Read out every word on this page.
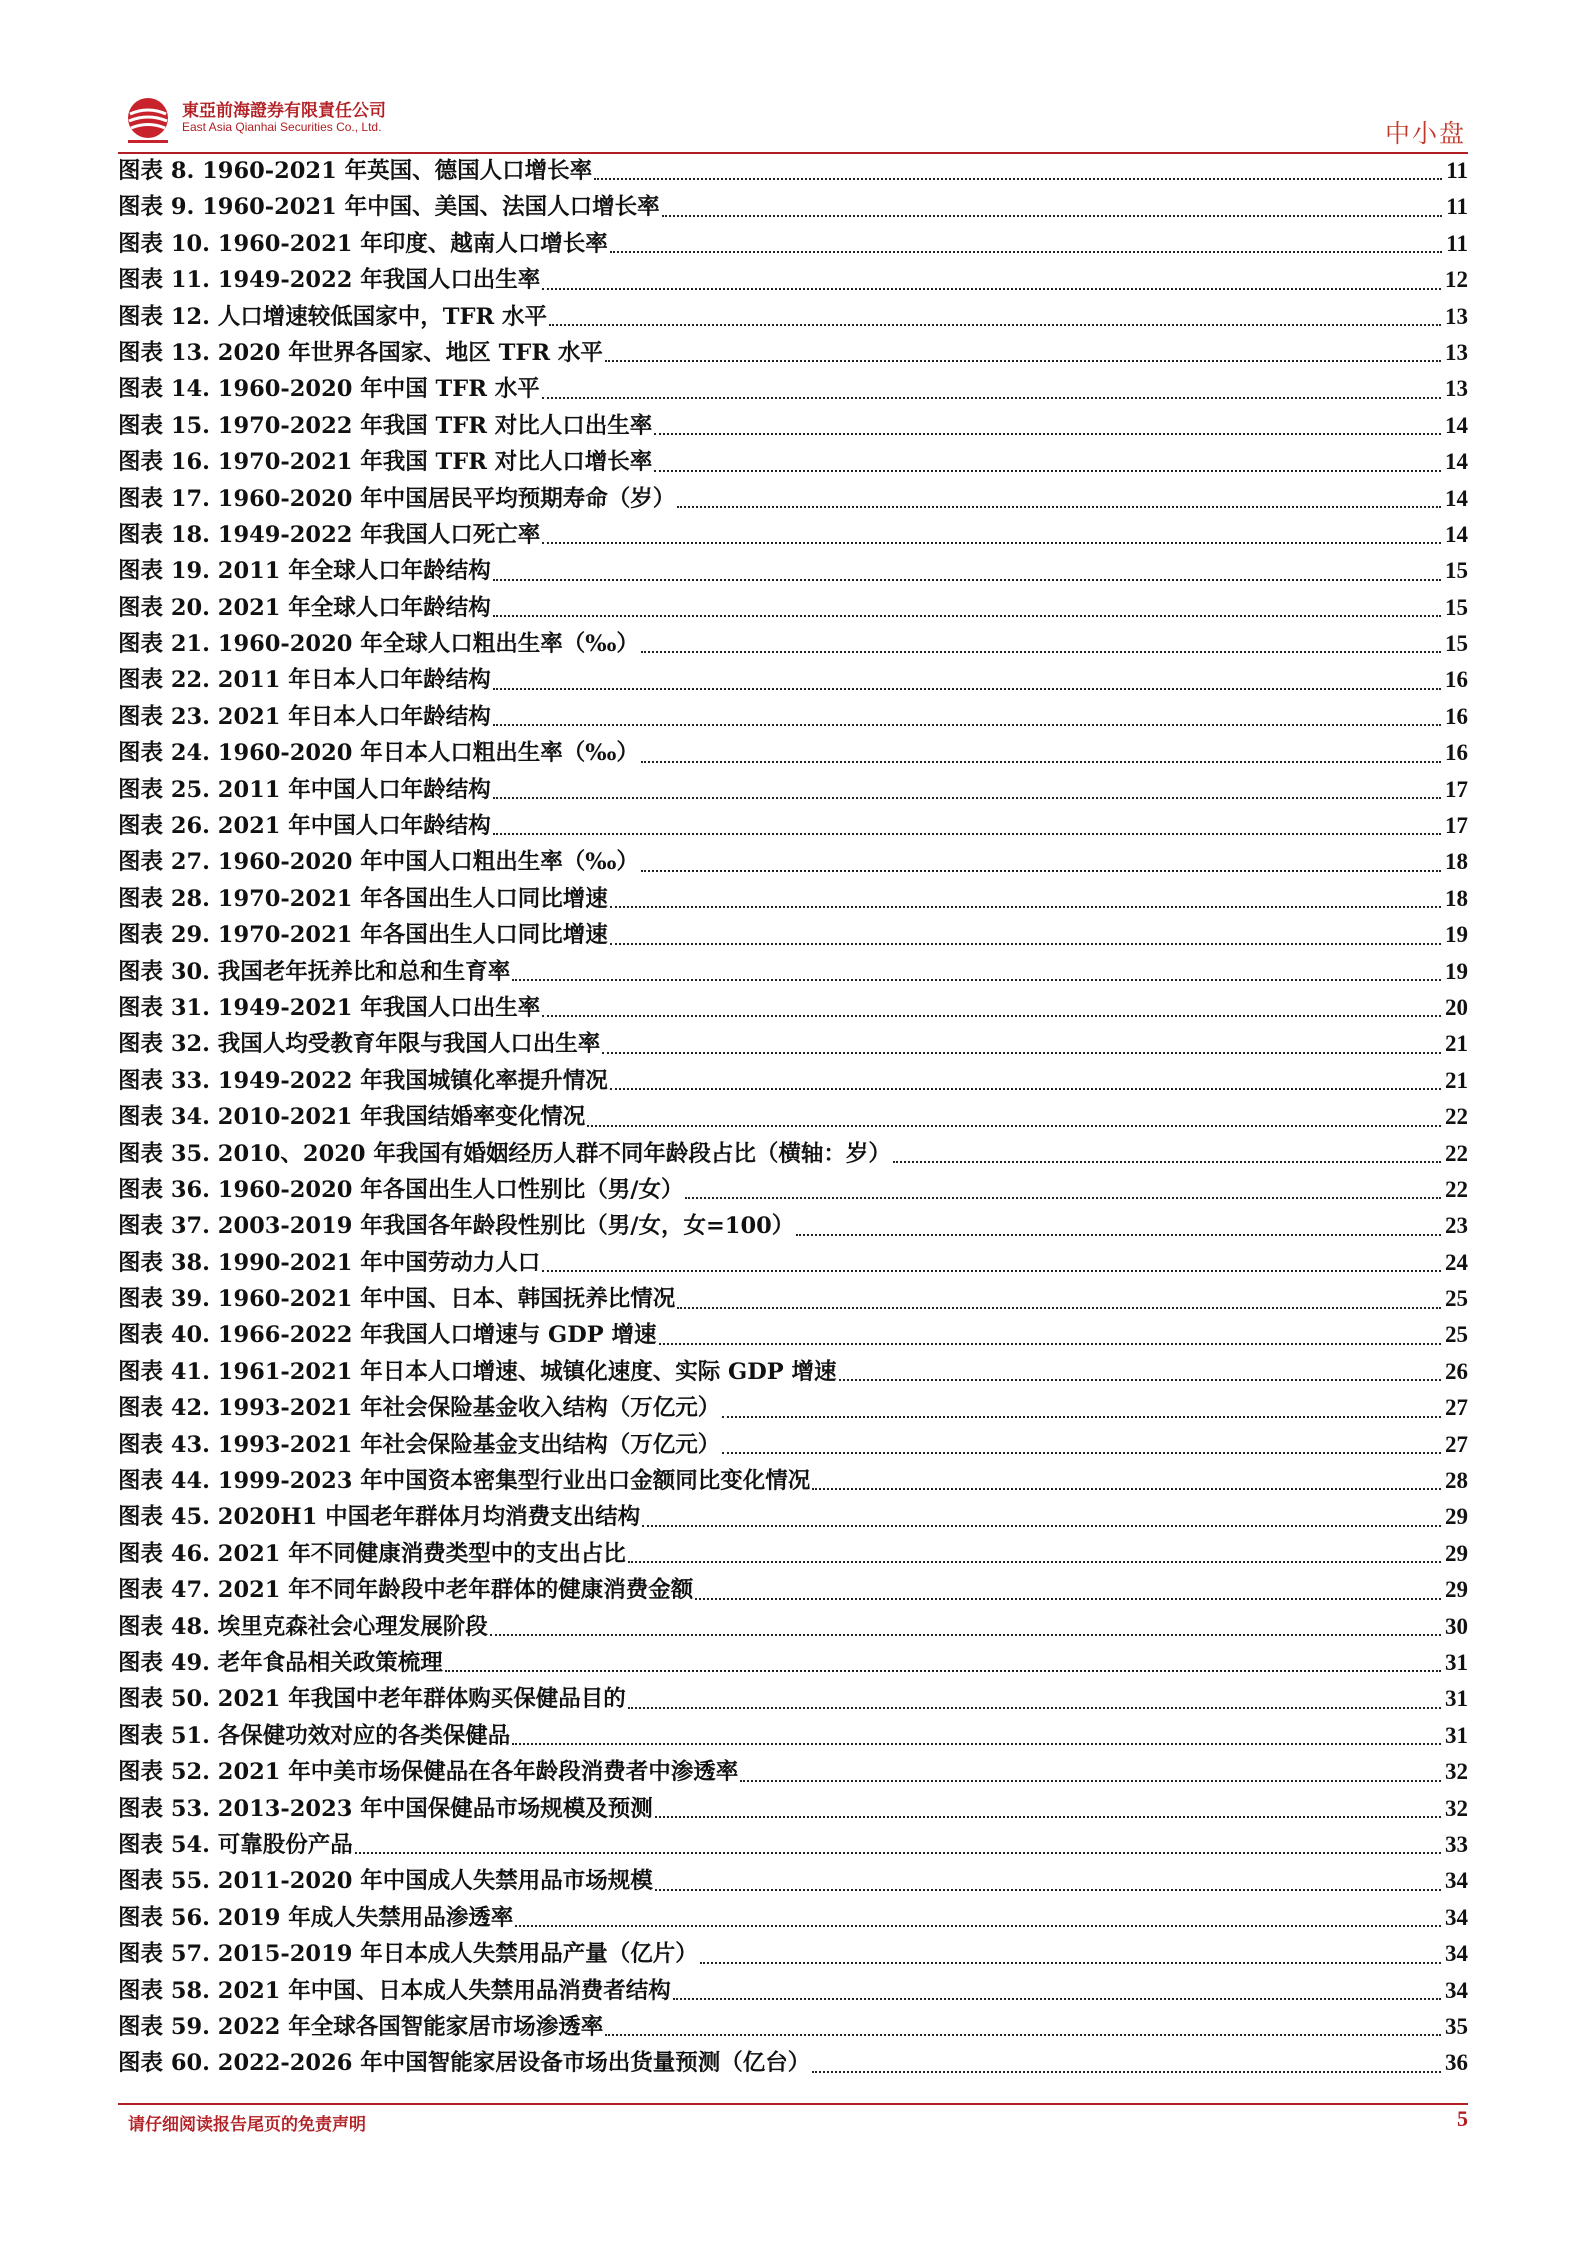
東亞前海證券有限責任公司
East Asia Qianhai Securities Co., Ltd.	中小盘
图表 8. 1960-2021 年英国、德国人口增长率	11
图表 9. 1960-2021 年中国、美国、法国人口增长率	11
图表 10. 1960-2021 年印度、越南人口增长率	11
图表 11. 1949-2022 年我国人口出生率	12
图表 12. 人口增速较低国家中，TFR 水平	13
图表 13. 2020 年世界各国家、地区 TFR 水平	13
图表 14. 1960-2020 年中国 TFR 水平	13
图表 15. 1970-2022 年我国 TFR 对比人口出生率	14
图表 16. 1970-2021 年我国 TFR 对比人口增长率	14
图表 17. 1960-2020 年中国居民平均预期寿命（岁）	14
图表 18. 1949-2022 年我国人口死亡率	14
图表 19. 2011 年全球人口年龄结构	15
图表 20. 2021 年全球人口年龄结构	15
图表 21. 1960-2020 年全球人口粗出生率（‰）	15
图表 22. 2011 年日本人口年龄结构	16
图表 23. 2021 年日本人口年龄结构	16
图表 24. 1960-2020 年日本人口粗出生率（‰）	16
图表 25. 2011 年中国人口年龄结构	17
图表 26. 2021 年中国人口年龄结构	17
图表 27. 1960-2020 年中国人口粗出生率（‰）	18
图表 28. 1970-2021 年各国出生人口同比增速	18
图表 29. 1970-2021 年各国出生人口同比增速	19
图表 30. 我国老年抚养比和总和生育率	19
图表 31. 1949-2021 年我国人口出生率	20
图表 32. 我国人均受教育年限与我国人口出生率	21
图表 33. 1949-2022 年我国城镇化率提升情况	21
图表 34. 2010-2021 年我国结婚率变化情况	22
图表 35. 2010、2020 年我国有婚姻经历人群不同年龄段占比（横轴：岁）	22
图表 36. 1960-2020 年各国出生人口性别比（男/女）	22
图表 37. 2003-2019 年我国各年龄段性别比（男/女，女=100）	23
图表 38. 1990-2021 年中国劳动力人口	24
图表 39. 1960-2021 年中国、日本、韩国抚养比情况	25
图表 40. 1966-2022 年我国人口增速与 GDP 增速	25
图表 41. 1961-2021 年日本人口增速、城镇化速度、实际 GDP 增速	26
图表 42. 1993-2021 年社会保险基金收入结构（万亿元）	27
图表 43. 1993-2021 年社会保险基金支出结构（万亿元）	27
图表 44. 1999-2023 年中国资本密集型行业出口金额同比变化情况	28
图表 45. 2020H1 中国老年群体月均消费支出结构	29
图表 46. 2021 年不同健康消费类型中的支出占比	29
图表 47. 2021 年不同年龄段中老年群体的健康消费金额	29
图表 48. 埃里克森社会心理发展阶段	30
图表 49. 老年食品相关政策梳理	31
图表 50. 2021 年我国中老年群体购买保健品目的	31
图表 51. 各保健功效对应的各类保健品	31
图表 52. 2021 年中美市场保健品在各年龄段消费者中渗透率	32
图表 53. 2013-2023 年中国保健品市场规模及预测	32
图表 54. 可靠股份产品	33
图表 55. 2011-2020 年中国成人失禁用品市场规模	34
图表 56. 2019 年成人失禁用品渗透率	34
图表 57. 2015-2019 年日本成人失禁用品产量（亿片）	34
图表 58. 2021 年中国、日本成人失禁用品消费者结构	34
图表 59. 2022 年全球各国智能家居市场渗透率	35
图表 60. 2022-2026 年中国智能家居设备市场出货量预测（亿台）	36
请仔细阅读报告尾页的免责声明	5
